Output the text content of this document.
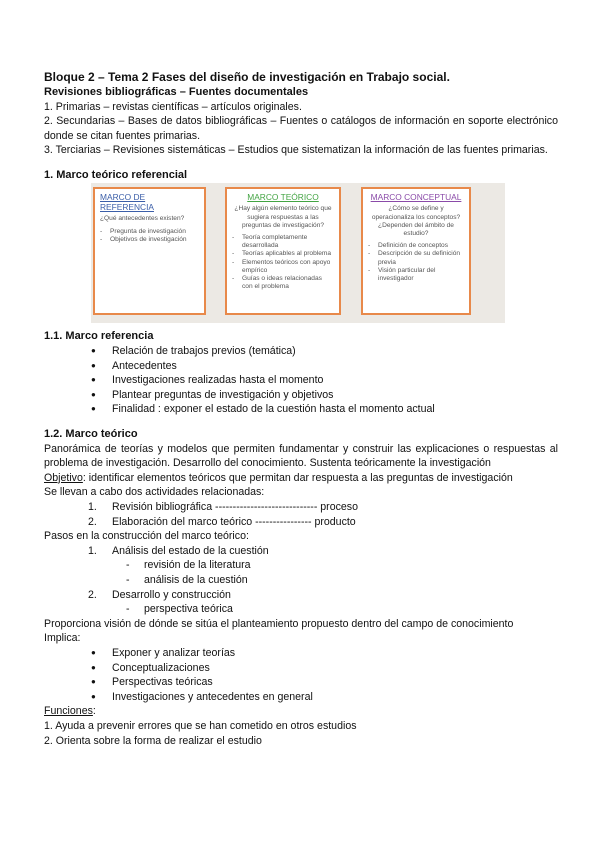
Bloque 2 – Tema 2 Fases del diseño de investigación en Trabajo social.

Revisiones bibliográficas – Fuentes documentales

1. Primarias – revistas científicas – artículos originales.

2. Secundarias – Bases de datos bibliográficas – Fuentes o catálogos de información en soporte electrónico donde se citan fuentes primarias.

3. Terciarias – Revisiones sistemáticas – Estudios que sistematizan la información de las fuentes primarias.

1. Marco teórico referencial

MARCO DE REFERENCIA
¿Qué antecedentes existen?
- Pregunta de investigación
- Objetivos de investigación
MARCO TEÓRICO
¿Hay algún elemento teórico que sugiera respuestas a las preguntas de investigación?
- Teoría completamente desarrollada
- Teorías aplicables al problema
- Elementos teóricos con apoyo empírico
- Guías o ideas relacionadas con el problema
MARCO CONCEPTUAL
¿Cómo se define y operacionaliza los conceptos? ¿Dependen del ámbito de estudio?
- Definición de conceptos
- Descripción de su definición previa
- Visión particular del investigador

1.1. Marco referencia

● Relación de trabajos previos (temática)
● Antecedentes
● Investigaciones realizadas hasta el momento
● Plantear preguntas de investigación y objetivos
● Finalidad : exponer el estado de la cuestión hasta el momento actual

1.2. Marco teórico

Panorámica de teorías y modelos que permiten fundamentar y construir las explicaciones o respuestas al problema de investigación. Desarrollo del conocimiento. Sustenta teóricamente la investigación

Objetivo: identificar elementos teóricos que permitan dar respuesta a las preguntas de investigación

Se llevan a cabo dos actividades relacionadas:

1. Revisión bibliográfica ----------------------------- proceso
2. Elaboración del marco teórico ---------------- producto

Pasos en la construcción del marco teórico:

1. Análisis del estado de la cuestión
- revisión de la literatura
- análisis de la cuestión
2. Desarrollo y construcción
- perspectiva teórica

Proporciona visión de dónde se sitúa el planteamiento propuesto dentro del campo de conocimiento

Implica:

● Exponer y analizar teorías
● Conceptualizaciones
● Perspectivas teóricas
● Investigaciones y antecedentes en general

Funciones:

1. Ayuda a prevenir errores que se han cometido en otros estudios

2. Orienta sobre la forma de realizar el estudio
